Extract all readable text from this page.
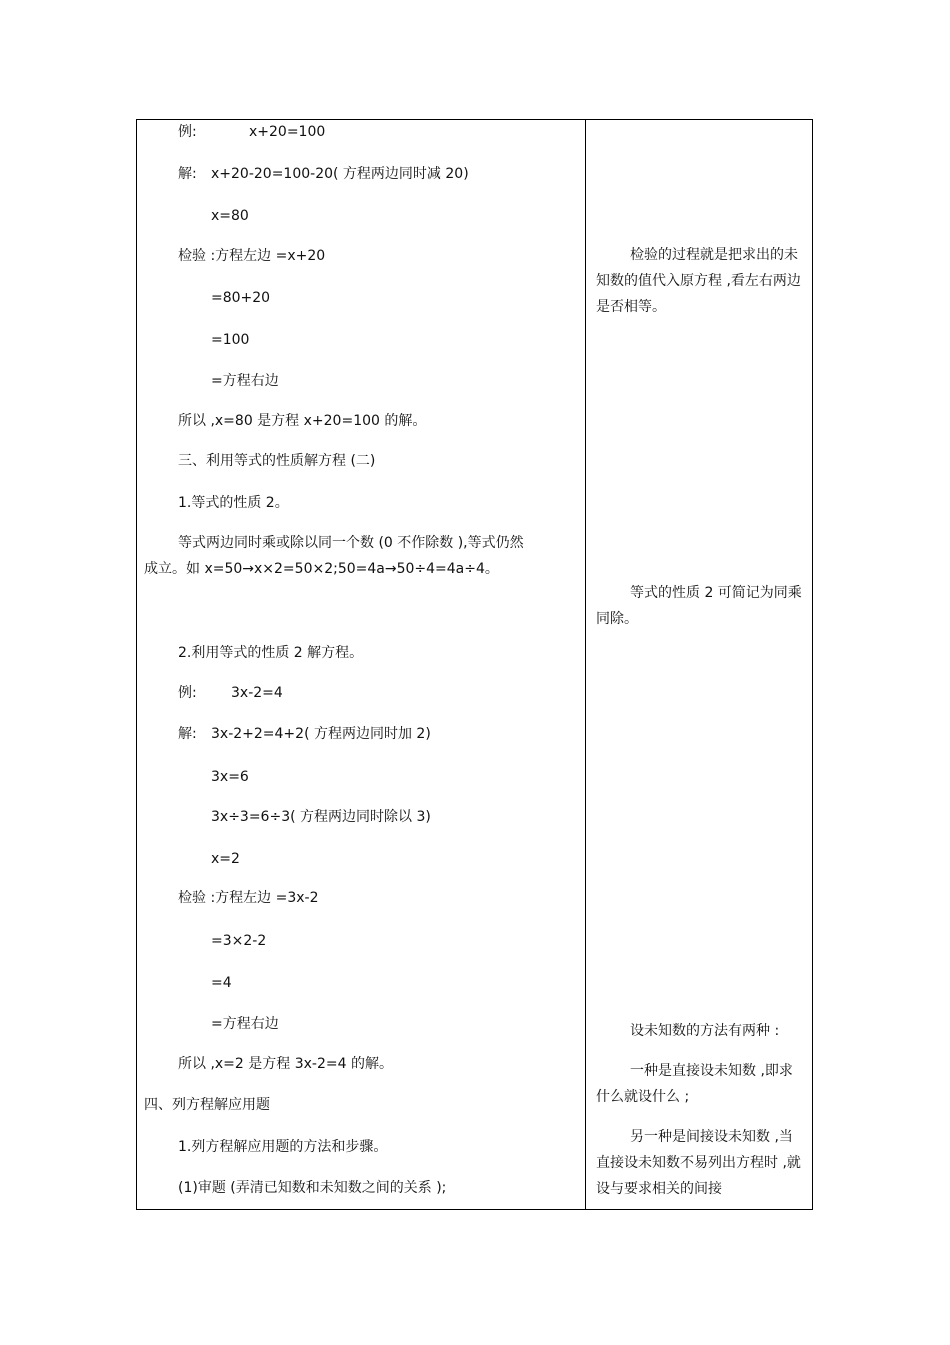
例:	x+20=100
解: x+20-20=100-20( 方程两边同时减 20)
x=80
检验 :方程左边 =x+20
=80+20
=100
=方程右边
所以 ,x=80 是方程 x+20=100 的解。
三、利用等式的性质解方程 (二)
1.等式的性质 2。
等式两边同时乘或除以同一个数 (0 不作除数 ),等式仍然
成立。如 x=50→x×2=50×2;50=4a→50÷4=4a÷4。
2.利用等式的性质 2 解方程。
例: 3x-2=4
解: 3x-2+2=4+2( 方程两边同时加 2)
3x=6
3x÷3=6÷3( 方程两边同时除以 3)
x=2
检验 :方程左边 =3x-2
=3×2-2
=4
=方程右边
所以 ,x=2 是方程 3x-2=4 的解。
四、列方程解应用题
1.列方程解应用题的方法和步骤。
(1)审题 (弄清已知数和未知数之间的关系 );

检验的过程就是把求出的未知数的值代入原方程 ,看左右两边是否相等。

等式的性质 2 可简记为同乘同除。

设未知数的方法有两种 :

一种是直接设未知数 ,即求什么就设什么 ;

另一种是间接设未知数 ,当直接设未知数不易列出方程时 ,就设与要求相关的间接
